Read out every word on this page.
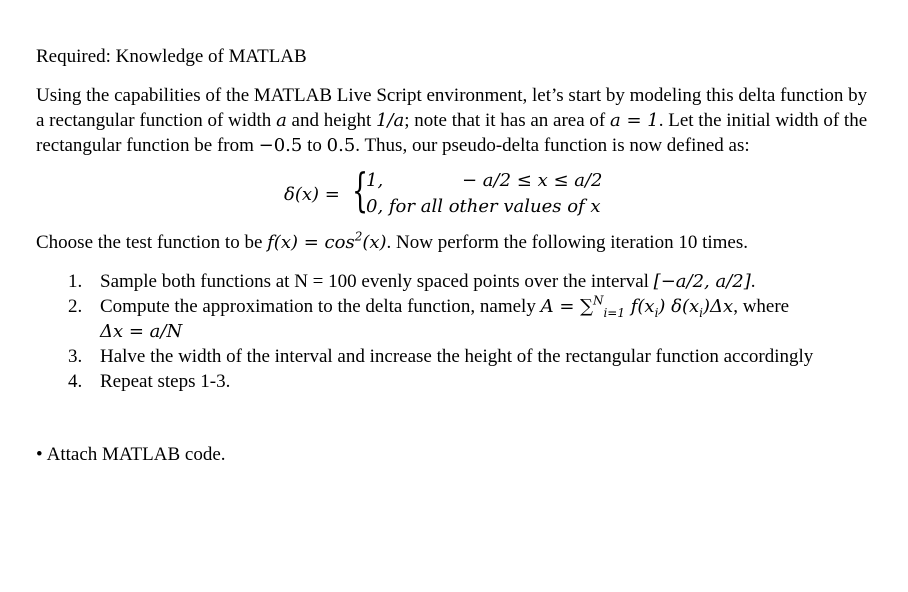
Required: Knowledge of MATLAB

Using the capabilities of the MATLAB Live Script environment, let’s start by modeling this delta function by a rectangular function of width a and height 1/a; note that it has an area of a = 1. Let the initial width of the rectangular function be from −0.5 to 0.5. Thus, our pseudo-delta function is now defined as:

δ(x) = {
1,	− a/2 ≤ x ≤ a/2
0, for all other values of x

Choose the test function to be $f(x) = \cos^2(x)$. Now perform the following iteration 10 times.

1. Sample both functions at N = 100 evenly spaced points over the interval [−a/2, a/2].
2. Compute the approximation to the delta function, namely A = ∑$^N_{i=1}$ $f(x_i)$ $\delta(x_i)\Delta x$, where
Δx = a/N
3. Halve the width of the interval and increase the height of the rectangular function accordingly
4. Repeat steps 1-3.

• Attach MATLAB code.
